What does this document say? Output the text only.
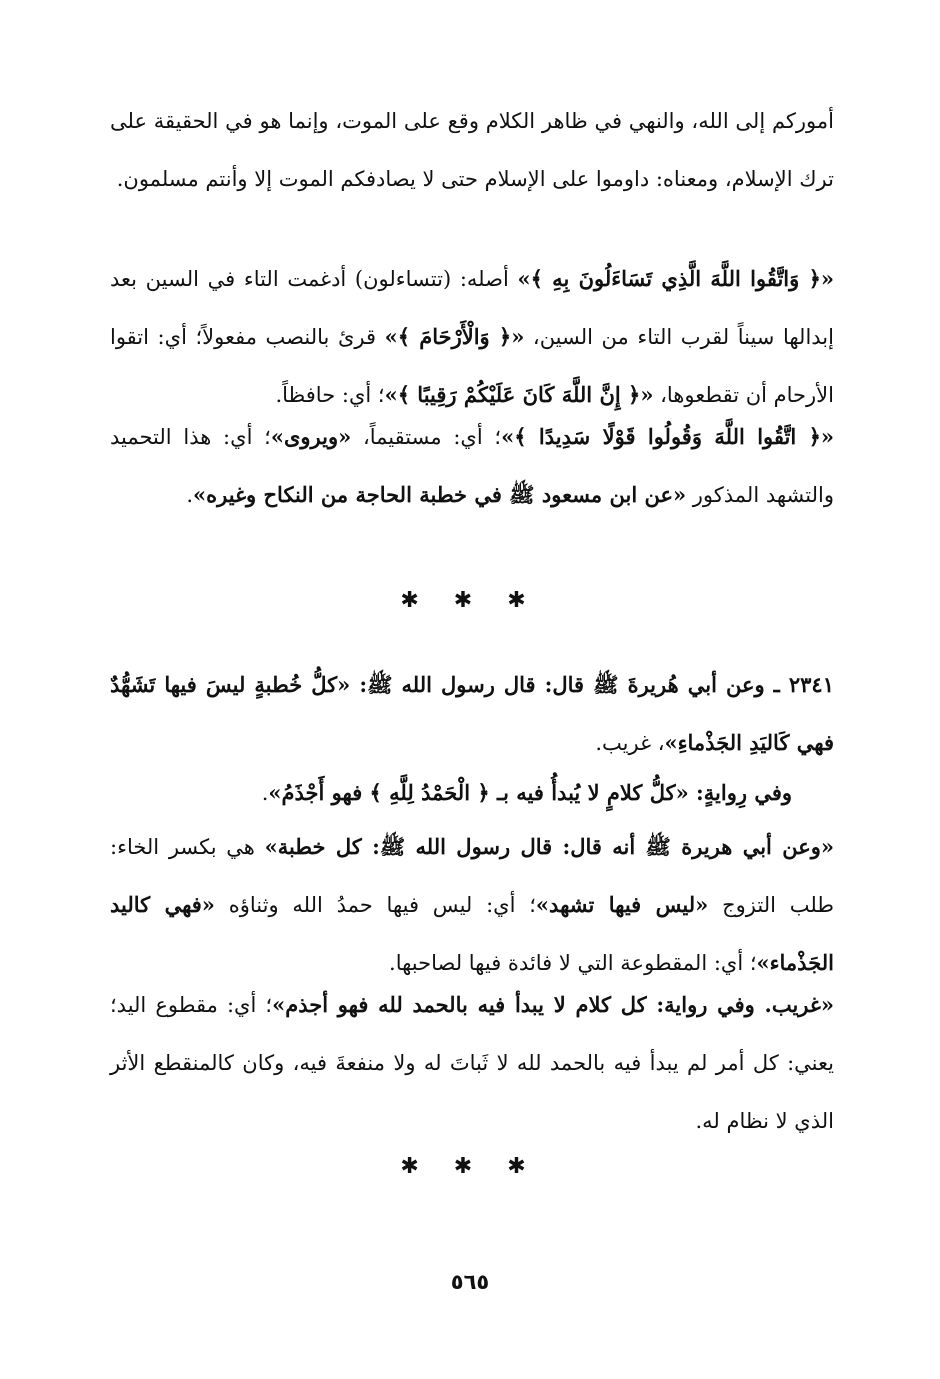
أموركم إلى الله، والنهي في ظاهر الكلام وقع على الموت، وإنما هو في الحقيقة على ترك الإسلام، ومعناه: داوموا على الإسلام حتى لا يصادفكم الموت إلا وأنتم مسلمون.

«﴿ وَاتَّقُوا اللَّهَ الَّذِي تَسَاءَلُونَ بِهِ ﴾» أصله: (تتساءلون) أدغمت التاء في السين بعد إبدالها سيناً لقرب التاء من السين، «﴿ وَالْأَرْحَامَ ﴾» قرئ بالنصب مفعولاً؛ أي: اتقوا الأرحام أن تقطعوها، «﴿ إِنَّ اللَّهَ كَانَ عَلَيْكُمْ رَقِيبًا ﴾»؛ أي: حافظاً.

«﴿ اتَّقُوا اللَّهَ وَقُولُوا قَوْلًا سَدِيدًا ﴾»؛ أي: مستقيماً، «ويروى»؛ أي: هذا التحميد والتشهد المذكور «عن ابن مسعود ﷺ في خطبة الحاجة من النكاح وغيره».

✱ ✱ ✱

٢٣٤١ ـ وعن أبي هُريرةَ ﷺ قال: قال رسول الله ﷺ: «كلُّ خُطبةٍ ليسَ فيها تَشَهُّدٌ فهي كَاليَدِ الجَذْماءِ»، غريب.

وفي رِوايةٍ: «كلُّ كلامٍ لا يُبدأُ فيه بـ ﴿ الْحَمْدُ لِلَّهِ ﴾ فهو أَجْذَمُ».

«وعن أبي هريرة ﷺ أنه قال: قال رسول الله ﷺ: كل خطبة» هي بكسر الخاء: طلب التزوج «ليس فيها تشهد»؛ أي: ليس فيها حمدُ الله وثناؤه «فهي كاليد الجَذْماء»؛ أي: المقطوعة التي لا فائدة فيها لصاحبها.

«غريب. وفي رواية: كل كلام لا يبدأ فيه بالحمد لله فهو أجذم»؛ أي: مقطوع اليد؛ يعني: كل أمر لم يبدأ فيه بالحمد لله لا ثَباتَ له ولا منفعةَ فيه، وكان كالمنقطع الأثر الذي لا نظام له.

✱ ✱ ✱
٥٦٥
